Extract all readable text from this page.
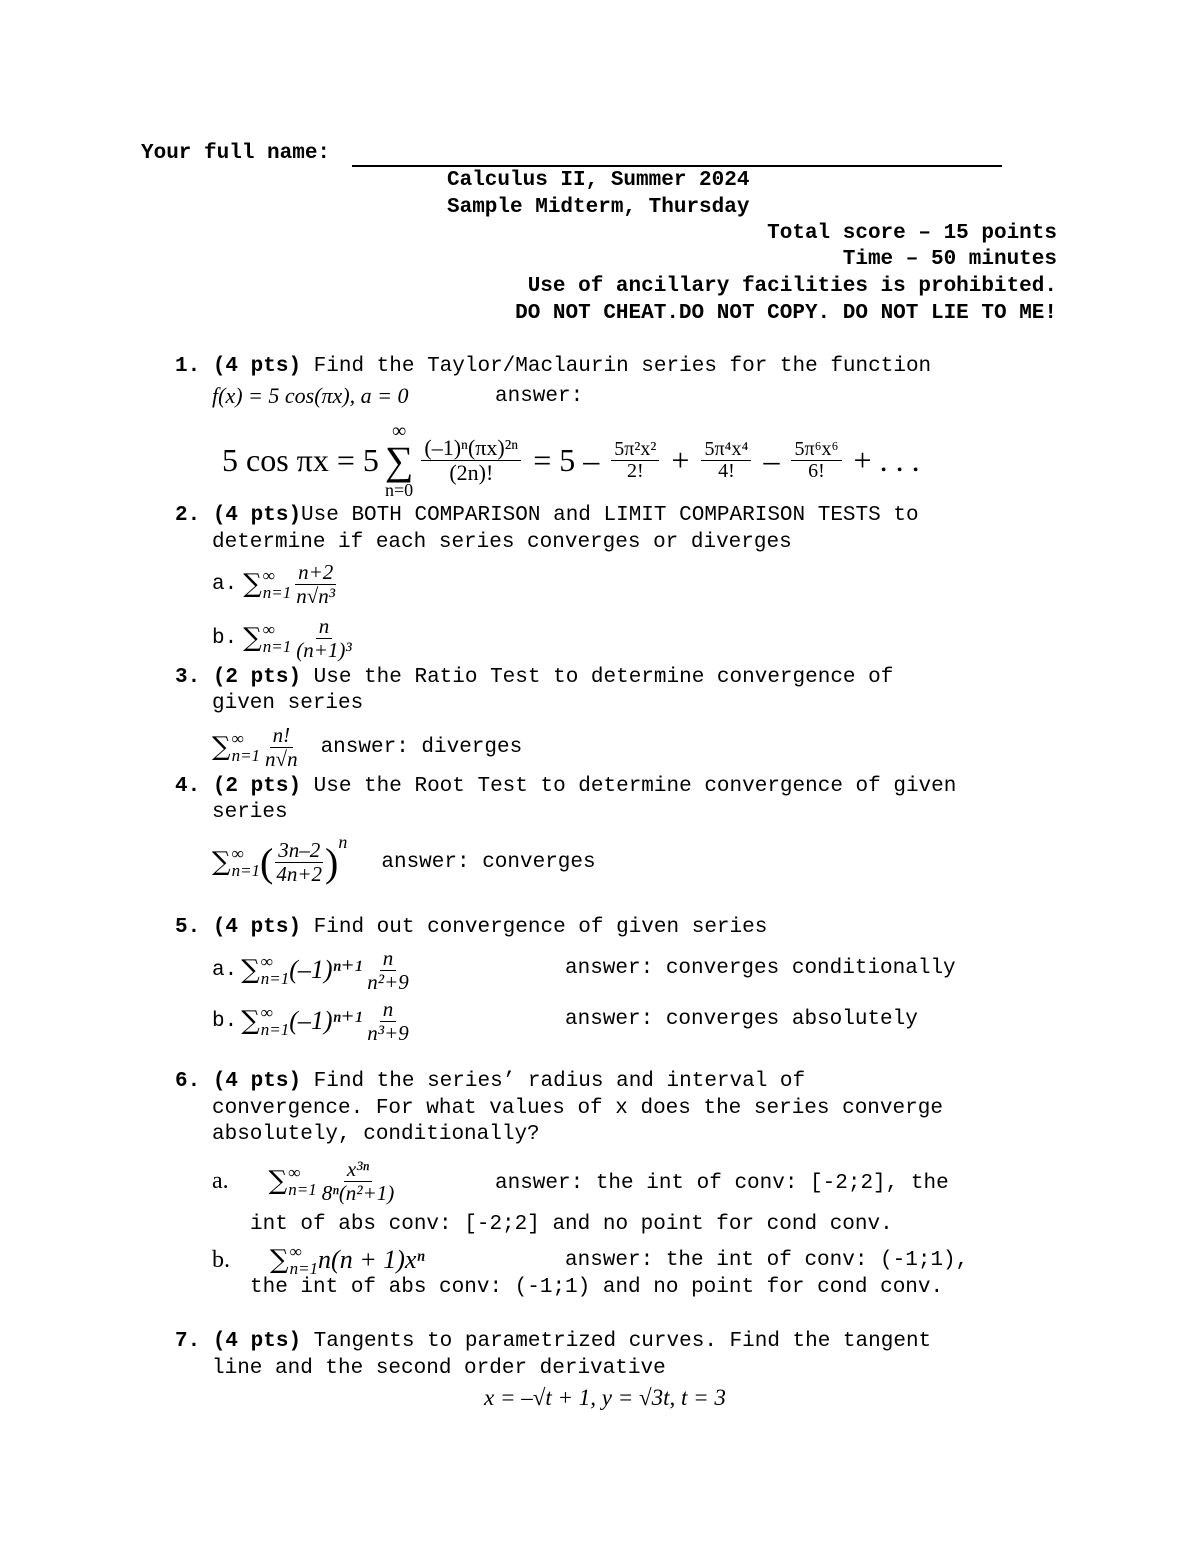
Your full name:
Calculus II, Summer 2024
Sample Midterm, Thursday
Total score – 15 points
Time – 50 minutes
Use of ancillary facilities is prohibited.
DO NOT CHEAT.DO NOT COPY. DO NOT LIE TO ME!
1. (4 pts) Find the Taylor/Maclaurin series for the function
f(x) = 5 cos(πx), a = 0	answer:
5 cos πx = 5
∞
∑
n=0
$\frac{\text{(–1)ⁿ(πx)²ⁿ}}{(2n)!} = 5 - \frac{\text{5π²x²}}{2!} + \frac{\text{5π⁴x⁴}}{4!} - \frac{\text{5π⁶x⁶}}{6!}$ + . . .
2. (4 pts)Use BOTH COMPARISON and LIMIT COMPARISON TESTS to
determine if each series converges or diverges
a. ∑ ∞
$n=1 \frac{n+2}{\text{n√n³}}$
b. ∑ ∞
$n=1 \frac{n}{\text{(n+1)³}}$
3. (2 pts) Use the Ratio Test to determine convergence of
given series
∑ ∞
$n=1 \frac{n!}{n√n}$ answer: diverges
4. (2 pts) Use the Root Test to determine convergence of given
series
∑ ∞
n=1 ( $\frac{3n-2}{4n+2}$ ) n
answer: converges
5. (4 pts) Find out convergence of given series
a. ∑ ∞
n=1 $(-1)^{n+1} \frac{n}{\text{n²+9}}$	answer: converges conditionally
b. ∑ ∞
n=1 $(-1)^{n+1} \frac{n}{\text{n³+9}}$	answer: converges absolutely
6. (4 pts) Find the series’ radius and interval of
convergence. For what values of x does the series converge
absolutely, conditionally?
a. ∑ ∞
$n=1 \frac{\text{x³ⁿ}}{\text{8ⁿ(n²+1)}}$	answer: the int of conv: [-2;2], the
int of abs conv: [-2;2] and no point for cond conv.
b. ∑ ∞
n=1 n(n + 1)xⁿ	answer: the int of conv: (-1;1),
the int of abs conv: (-1;1) and no point for cond conv.
7. (4 pts) Tangents to parametrized curves. Find the tangent
line and the second order derivative
x = –√t + 1, y = √3t, t = 3
